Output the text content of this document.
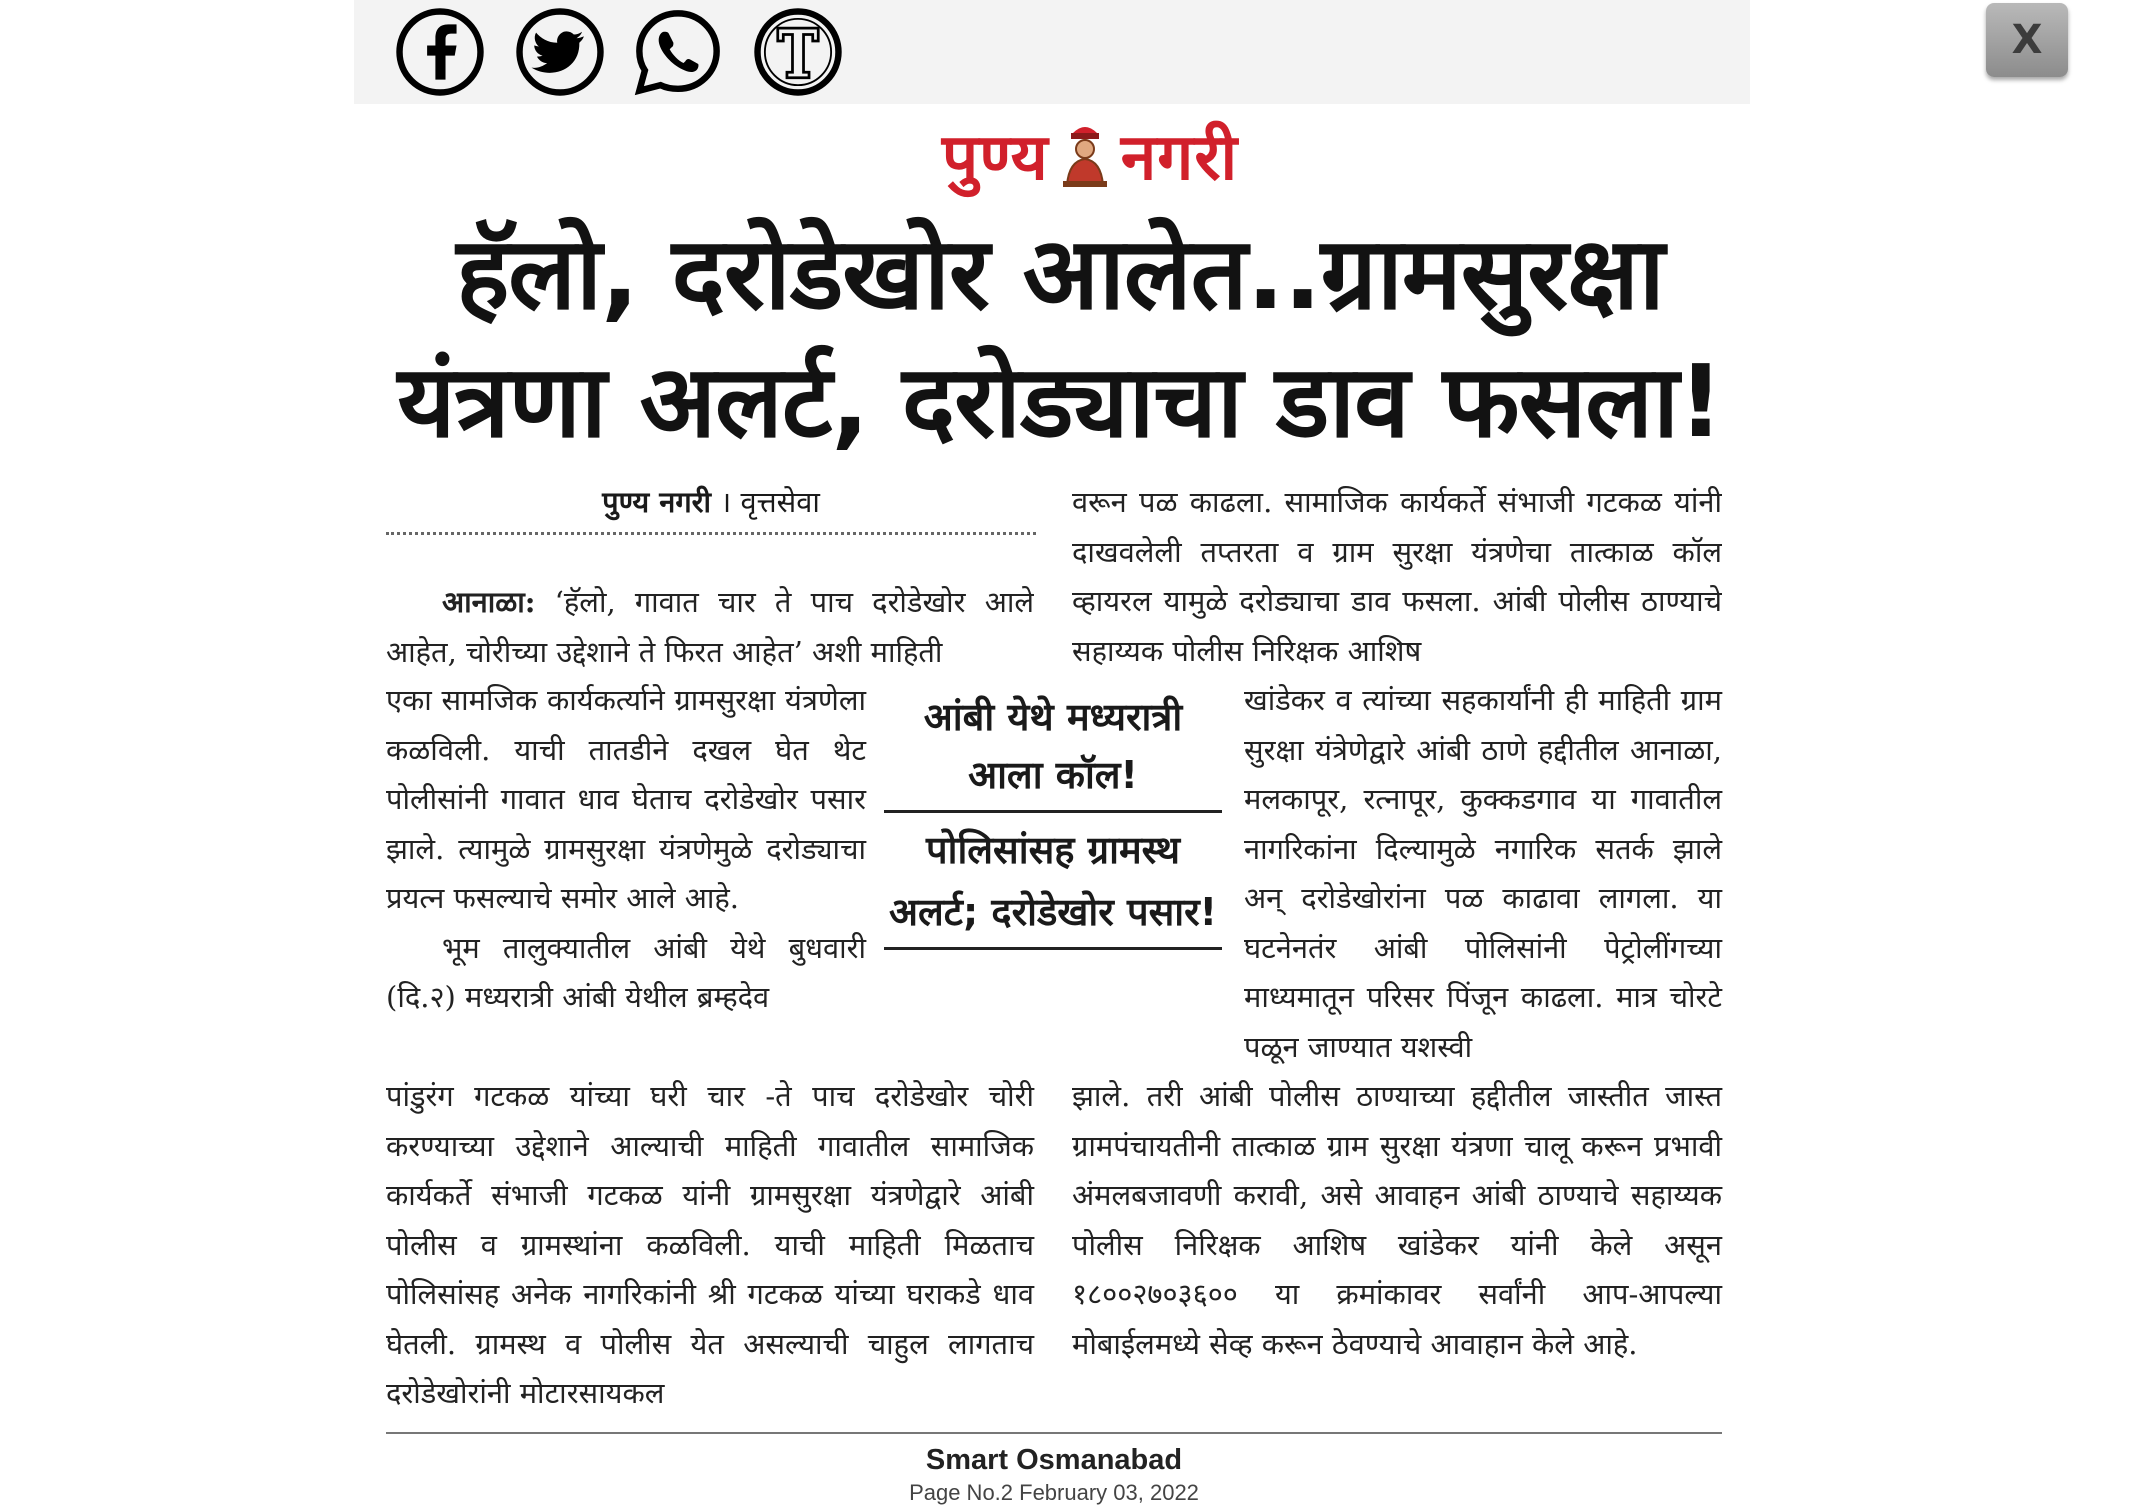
X
पुण्य नगरी
हॅलो, दरोडेखोर आलेत..ग्रामसुरक्षा
यंत्रणा अलर्ट, दरोड्याचा डाव फसला!
पुण्य नगरी । वृत्तसेवा

आनाळा: ‘हॅलो, गावात चार ते पाच दरोडेखोर आले आहेत, चोरीच्या उद्देशाने ते फिरत आहेत’ अशी माहिती

एका सामजिक कार्यकर्त्याने ग्रामसुरक्षा यंत्रणेला कळविली. याची तातडीने दखल घेत थेट पोलीसांनी गावात धाव घेताच दरोडेखोर पसार झाले. त्यामुळे ग्रामसुरक्षा यंत्रणेमुळे दरोड्याचा प्रयत्न फसल्याचे समोर आले आहे.

भूम तालुक्यातील आंबी येथे बुधवारी (दि.२) मध्यरात्री आंबी येथील ब्रम्हदेव

पांडुरंग गटकळ यांच्या घरी चार -ते पाच दरोडेखोर चोरी करण्याच्या उद्देशाने आल्याची माहिती गावातील सामाजिक कार्यकर्ते संभाजी गटकळ यांनी ग्रामसुरक्षा यंत्रणेद्वारे आंबी पोलीस व ग्रामस्थांना कळविली. याची माहिती मिळताच पोलिसांसह अनेक नागरिकांनी श्री गटकळ यांच्या घराकडे धाव घेतली. ग्रामस्थ व पोलीस येत असल्याची चाहुल लागताच दरोडेखोरांनी मोटारसायकल

वरून पळ काढला. सामाजिक कार्यकर्ते संभाजी गटकळ यांनी दाखवलेली तप्तरता व ग्राम सुरक्षा यंत्रणेचा तात्काळ कॉल व्हायरल यामुळे दरोड्याचा डाव फसला. आंबी पोलीस ठाण्याचे सहाय्यक पोलीस निरिक्षक आशिष

खांडेकर व त्यांच्या सहकार्यांनी ही माहिती ग्राम सुरक्षा यंत्रेणेद्वारे आंबी ठाणे हद्दीतील आनाळा, मलकापूर, रत्नापूर, कुक्कडगाव या गावातील नागरिकांना दिल्यामुळे नगारिक सतर्क झाले अन् दरोडेखोरांना पळ काढावा लागला. या घटनेनतंर आंबी पोलिसांनी पेट्रोलींगच्या माध्यमातून परिसर पिंजून काढला. मात्र चोरटे पळून जाण्यात यशस्वी

झाले. तरी आंबी पोलीस ठाण्याच्या हद्दीतील जास्तीत जास्त ग्रामपंचायतीनी तात्काळ ग्राम सुरक्षा यंत्रणा चालू करून प्रभावी अंमलबजावणी करावी, असे आवाहन आंबी ठाण्याचे सहाय्यक पोलीस निरिक्षक आशिष खांडेकर यांनी केले असून १८००२७०३६०० या क्रमांकावर सर्वांनी आप-आपल्या मोबाईलमध्ये सेव्ह करून ठेवण्याचे आवाहान केले आहे.

आंबी येथे मध्यरात्री आला कॉल!
पोलिसांसह ग्रामस्थ अलर्ट; दरोडेखोर पसार!
Smart Osmanabad
Page No.2 February 03, 2022
